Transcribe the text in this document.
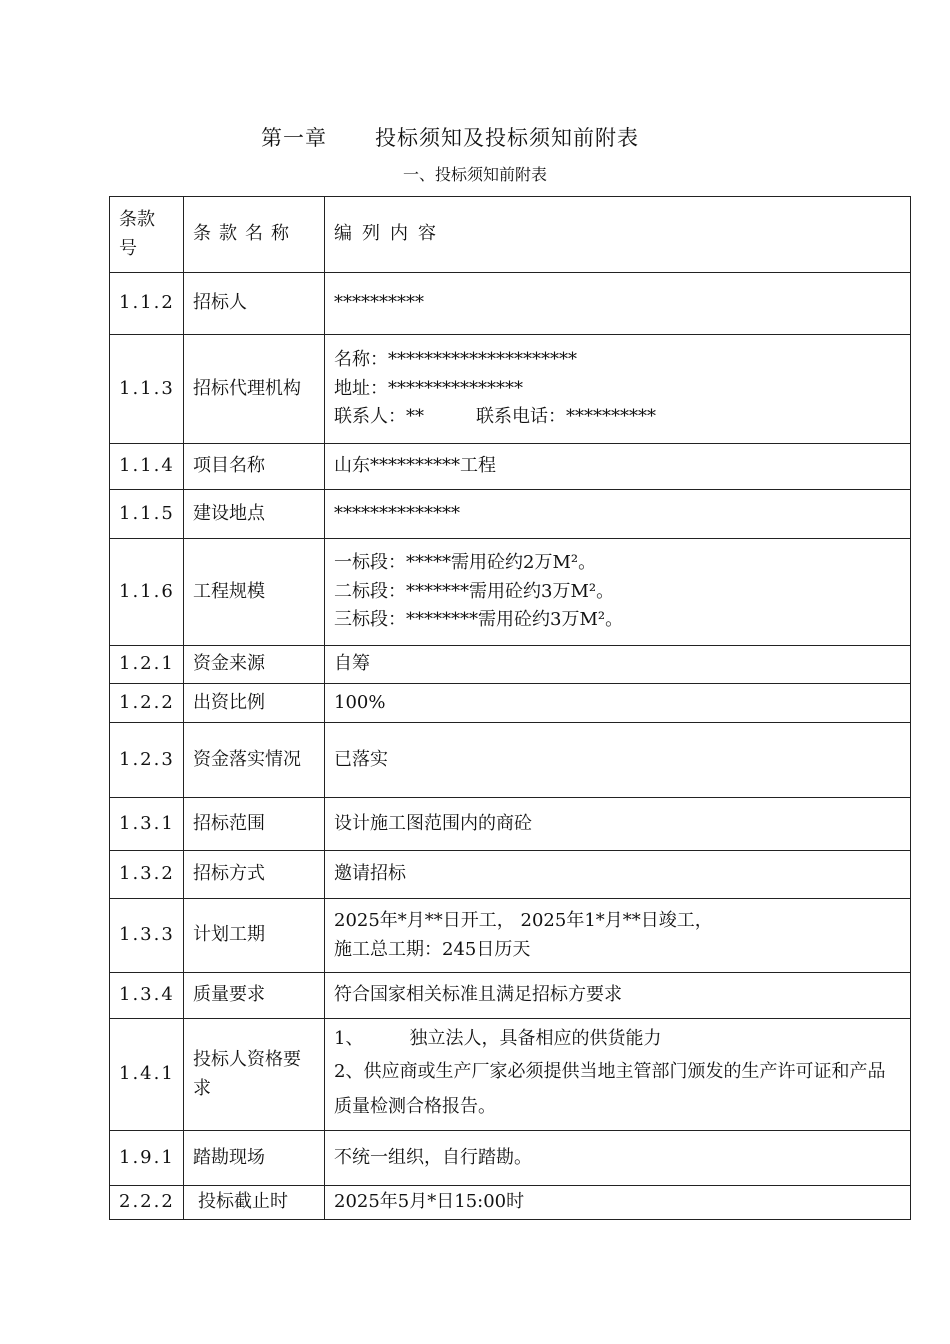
第一章 投标须知及投标须知前附表
一、投标须知前附表
条款
号	条款名称	编列内容
1.1.2	招标人	**********
1.1.3	招标代理机构	名称：*********************
地址：***************
联系人：** 联系电话：**********

1.1.4	项目名称	山东**********工程
1.1.5	建设地点	**************
1.1.6	工程规模	一标段：*****需用砼约2万M²。
二标段：*******需用砼约3万M²。
三标段：********需用砼约3万M²。

1.2.1	资金来源	自筹
1.2.2	出资比例	100%
1.2.3	资金落实情况	已落实
1.3.1	招标范围	设计施工图范围内的商砼
1.3.2	招标方式	邀请招标
1.3.3	计划工期	2025年*月**日开工， 2025年1*月**日竣工，
施工总工期：245日历天

1.3.4	质量要求	符合国家相关标准且满足招标方要求
1.4.1	投标人资格要求	1、 独立法人，具备相应的供货能力
2、供应商或生产厂家必须提供当地主管部门颁发的生产许可证和产品质量检测合格报告。

1.9.1	踏勘现场	不统一组织，自行踏勘。
2.2.2	投标截止时	2025年5月*日15:00时
